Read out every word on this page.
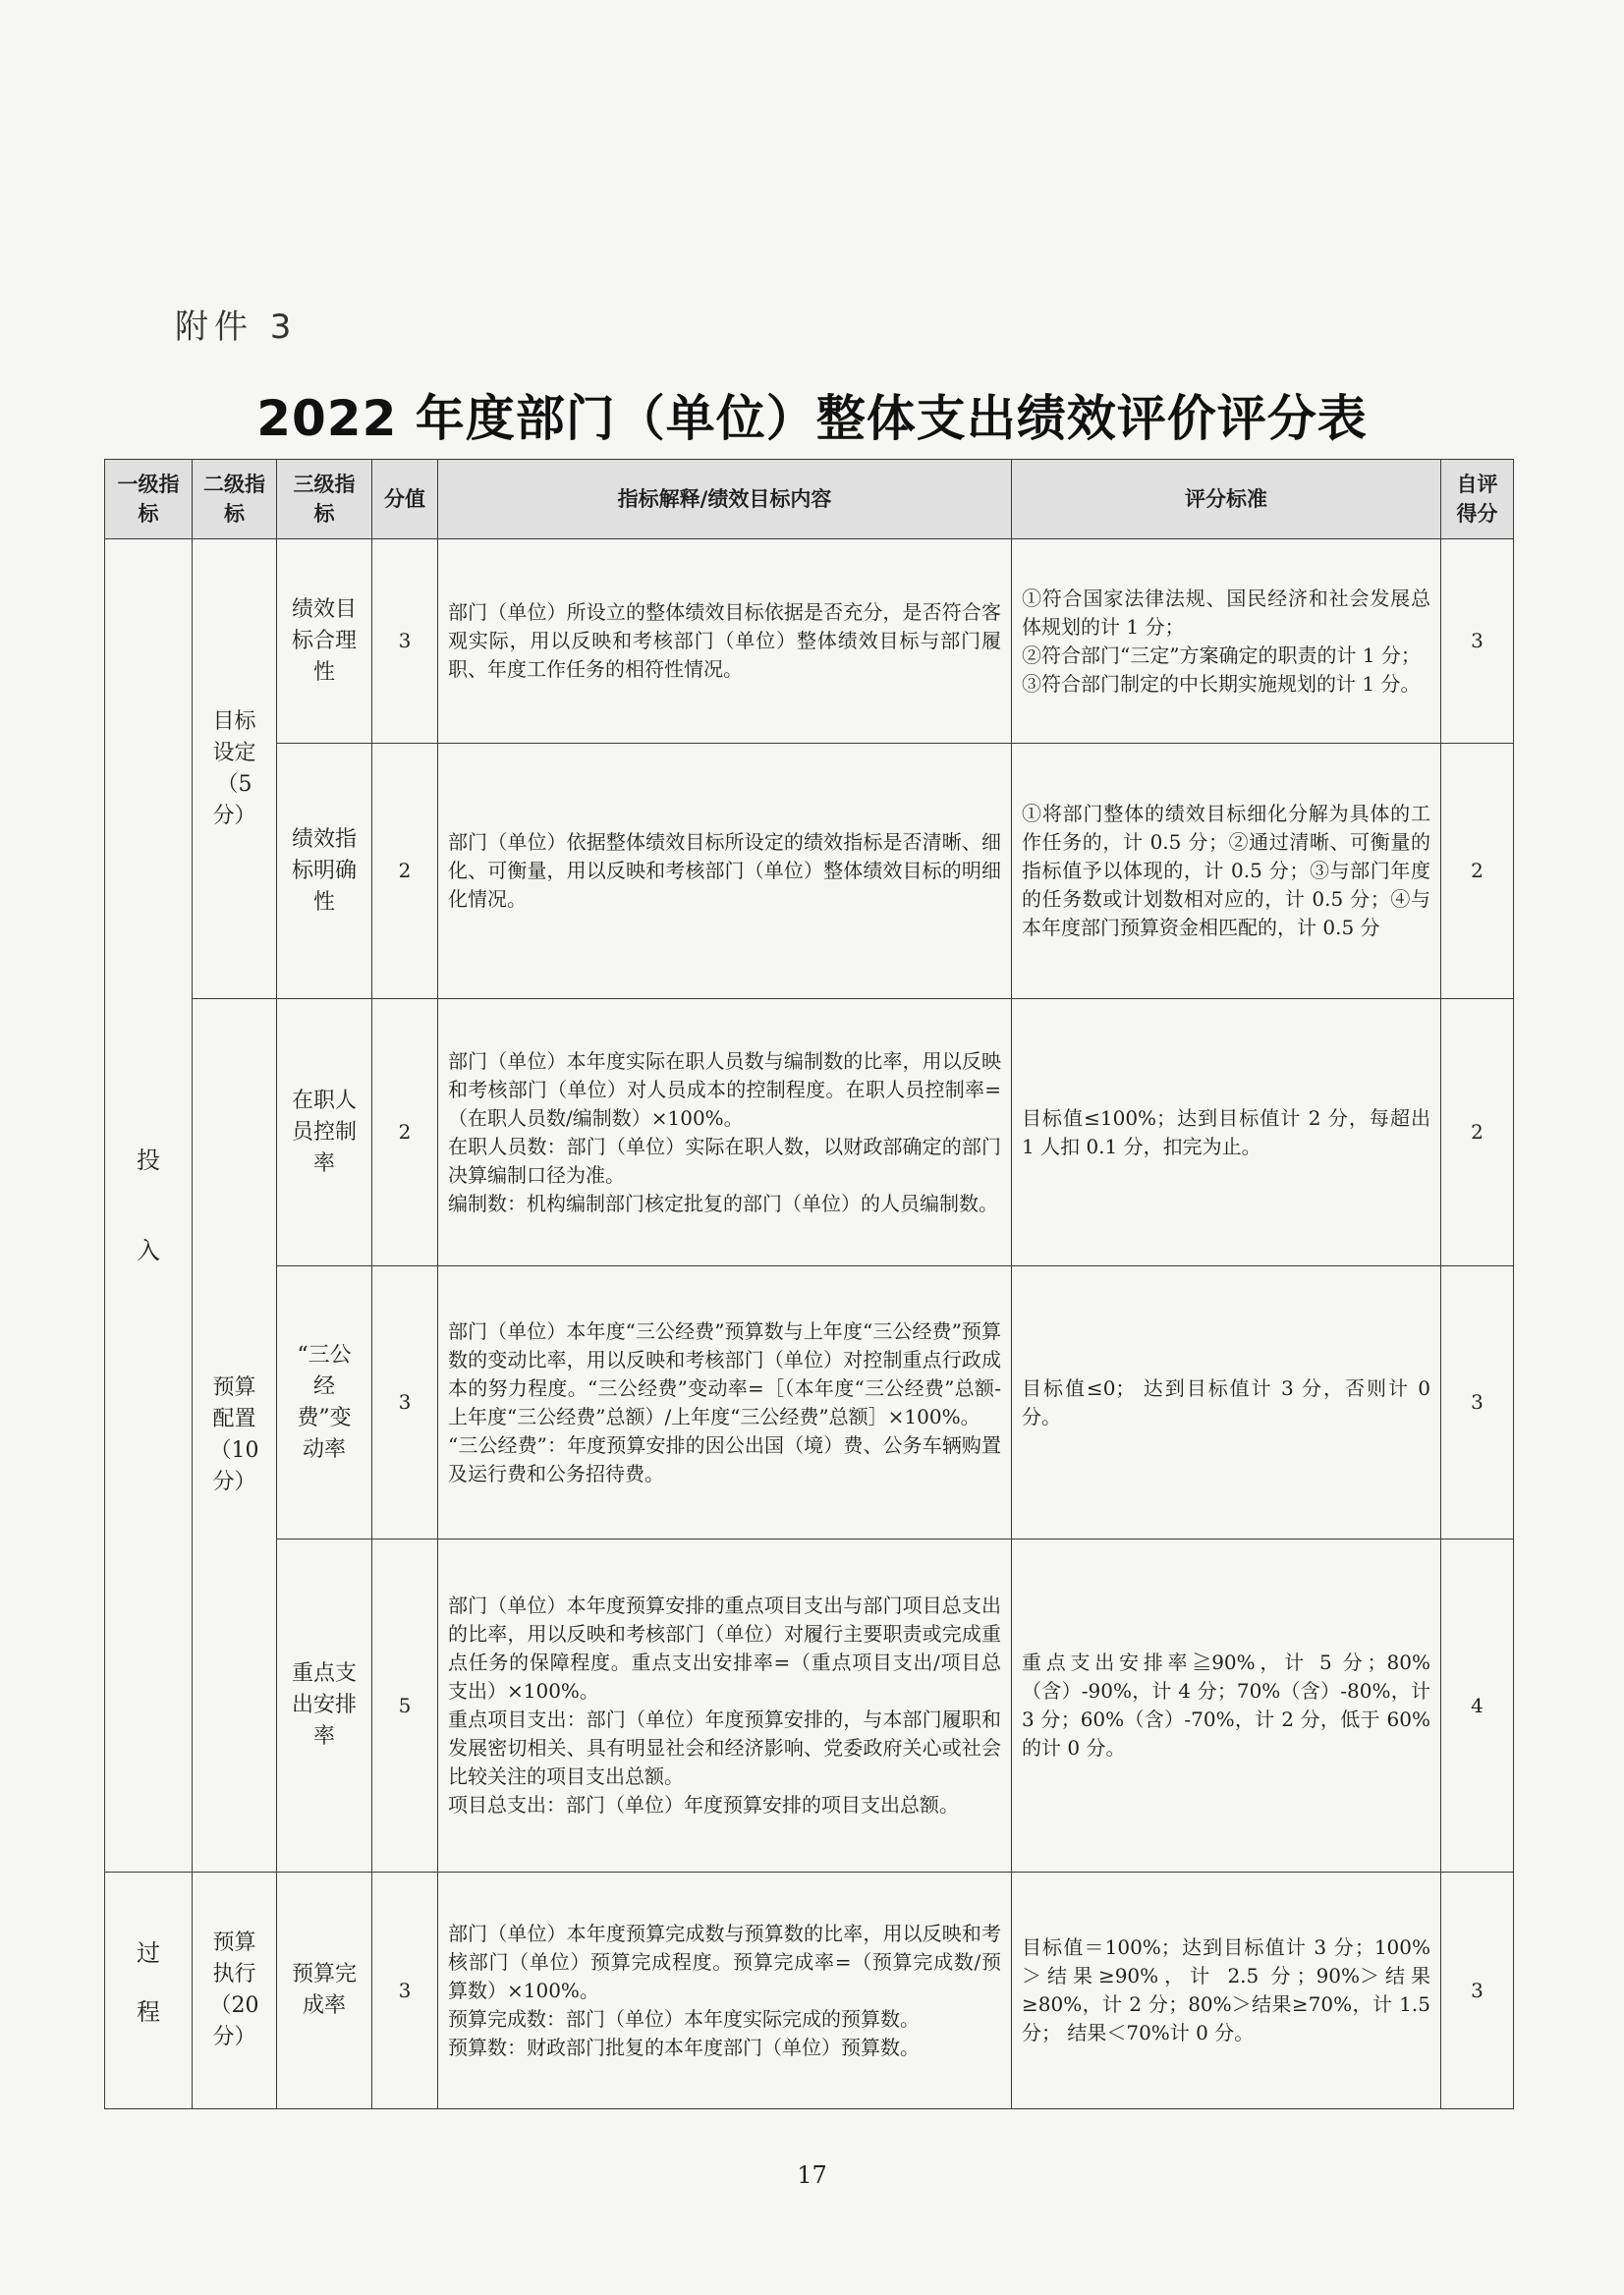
附件 3
2022 年度部门（单位）整体支出绩效评价评分表
一级指标	二级指标	三级指标	分值	指标解释/绩效目标内容	评分标准	自评得分
投入	目标设定（5分）	绩效目标合理性	3	部门（单位）所设立的整体绩效目标依据是否充分，是否符合客观实际，用以反映和考核部门（单位）整体绩效目标与部门履职、年度工作任务的相符性情况。	①符合国家法律法规、国民经济和社会发展总体规划的计 1 分；
②符合部门“三定”方案确定的职责的计 1 分；
③符合部门制定的中长期实施规划的计 1 分。	3
		绩效指标明确性	2	部门（单位）依据整体绩效目标所设定的绩效指标是否清晰、细化、可衡量，用以反映和考核部门（单位）整体绩效目标的明细化情况。	①将部门整体的绩效目标细化分解为具体的工作任务的，计 0.5 分；②通过清晰、可衡量的指标值予以体现的，计 0.5 分；③与部门年度的任务数或计划数相对应的，计 0.5 分；④与本年度部门预算资金相匹配的，计 0.5 分	2
	预算配置（10分）	在职人员控制率	2	部门（单位）本年度实际在职人员数与编制数的比率，用以反映和考核部门（单位）对人员成本的控制程度。在职人员控制率=（在职人员数/编制数）×100%。
在职人员数：部门（单位）实际在职人数，以财政部确定的部门决算编制口径为准。
编制数：机构编制部门核定批复的部门（单位）的人员编制数。	目标值≤100%；达到目标值计 2 分，每超出 1 人扣 0.1 分，扣完为止。	2
		“三公经费”变动率	3	部门（单位）本年度“三公经费”预算数与上年度“三公经费”预算数的变动比率，用以反映和考核部门（单位）对控制重点行政成本的努力程度。“三公经费”变动率=［（本年度“三公经费”总额-上年度“三公经费”总额）/上年度“三公经费”总额］×100%。
“三公经费”：年度预算安排的因公出国（境）费、公务车辆购置及运行费和公务招待费。	目标值≤0； 达到目标值计 3 分，否则计 0 分。	3
		重点支出安排率	5	部门（单位）本年度预算安排的重点项目支出与部门项目总支出的比率，用以反映和考核部门（单位）对履行主要职责或完成重点任务的保障程度。重点支出安排率=（重点项目支出/项目总支出）×100%。
重点项目支出：部门（单位）年度预算安排的，与本部门履职和发展密切相关、具有明显社会和经济影响、党委政府关心或社会比较关注的项目支出总额。
项目总支出：部门（单位）年度预算安排的项目支出总额。	重点支出安排率≧90%，计 5 分；80%（含）-90%，计 4 分；70%（含）-80%，计 3 分；60%（含）-70%，计 2 分，低于 60%的计 0 分。	4
过程	预算执行（20分）	预算完成率	3	部门（单位）本年度预算完成数与预算数的比率，用以反映和考核部门（单位）预算完成程度。预算完成率=（预算完成数/预算数）×100%。
预算完成数：部门（单位）本年度实际完成的预算数。
预算数：财政部门批复的本年度部门（单位）预算数。	目标值＝100%；达到目标值计 3 分；100%＞结果≥90%，计 2.5 分；90%＞结果≥80%，计 2 分；80%＞结果≥70%，计 1.5 分； 结果＜70%计 0 分。	3
17
